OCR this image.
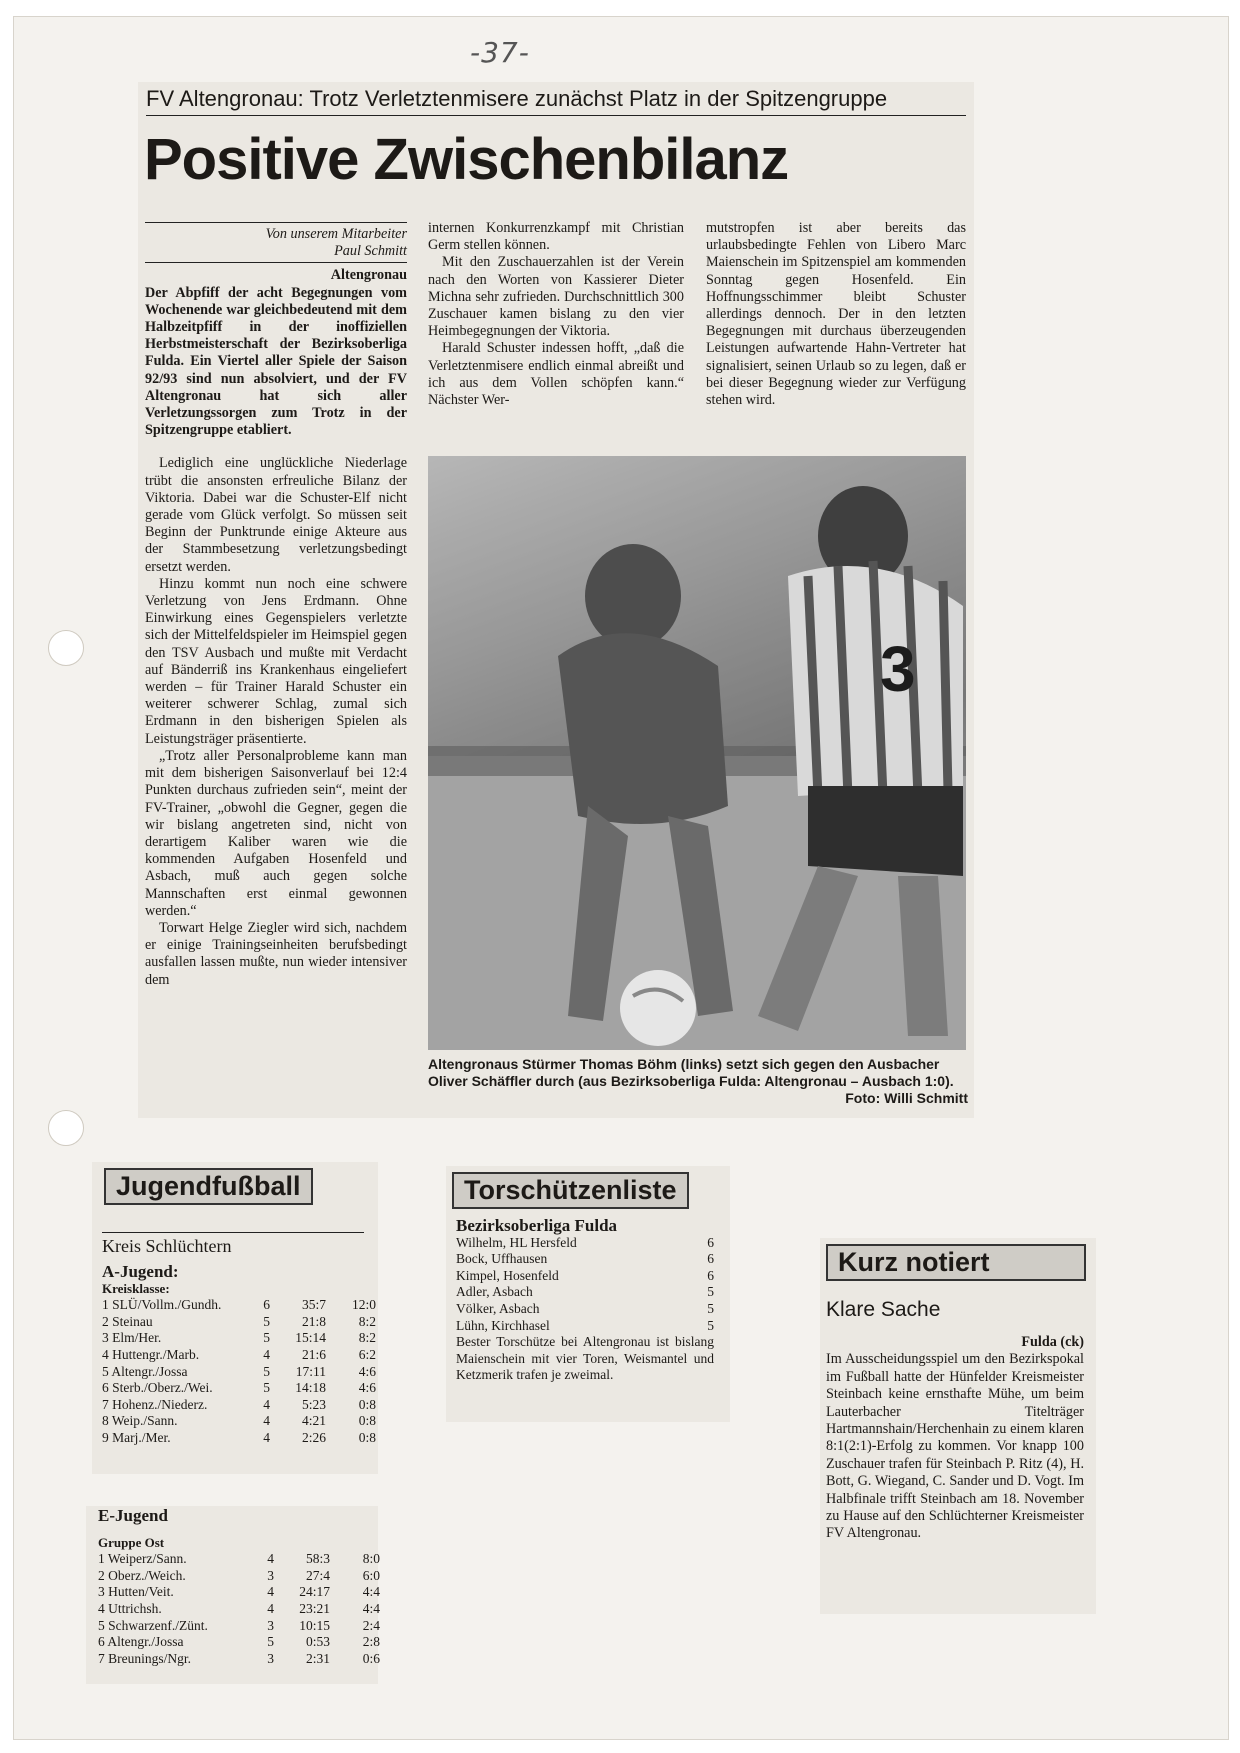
-37-
FV Altengronau: Trotz Verletztenmisere zunächst Platz in der Spitzengruppe
Positive Zwischenbilanz
Von unserem Mitarbeiter
Paul Schmitt
Altengronau

Der Abpfiff der acht Begegnungen vom Wochenende war gleichbedeutend mit dem Halbzeitpfiff in der inoffiziellen Herbstmeisterschaft der Bezirksoberliga Fulda. Ein Viertel aller Spiele der Saison 92/93 sind nun absolviert, und der FV Altengronau hat sich aller Verletzungssorgen zum Trotz in der Spitzengruppe etabliert.

Lediglich eine unglückliche Niederlage trübt die ansonsten erfreuliche Bilanz der Viktoria. Dabei war die Schuster-Elf nicht gerade vom Glück verfolgt. So müssen seit Beginn der Punktrunde einige Akteure aus der Stammbesetzung verletzungsbedingt ersetzt werden.

Hinzu kommt nun noch eine schwere Verletzung von Jens Erdmann. Ohne Einwirkung eines Gegenspielers verletzte sich der Mittelfeldspieler im Heimspiel gegen den TSV Ausbach und mußte mit Verdacht auf Bänderriß ins Krankenhaus eingeliefert werden – für Trainer Harald Schuster ein weiterer schwerer Schlag, zumal sich Erdmann in den bisherigen Spielen als Leistungsträger präsentierte.

„Trotz aller Personalprobleme kann man mit dem bisherigen Saisonverlauf bei 12:4 Punkten durchaus zufrieden sein“, meint der FV-Trainer, „obwohl die Gegner, gegen die wir bislang angetreten sind, nicht von derartigem Kaliber waren wie die kommenden Aufgaben Hosenfeld und Asbach, muß auch gegen solche Mannschaften erst einmal gewonnen werden.“

Torwart Helge Ziegler wird sich, nachdem er einige Trainingseinheiten berufsbedingt ausfallen lassen mußte, nun wieder intensiver dem

internen Konkurrenzkampf mit Christian Germ stellen können.

Mit den Zuschauerzahlen ist der Verein nach den Worten von Kassierer Dieter Michna sehr zufrieden. Durchschnittlich 300 Zuschauer kamen bislang zu den vier Heimbegegnungen der Viktoria.

Harald Schuster indessen hofft, „daß die Verletztenmisere endlich einmal abreißt und ich aus dem Vollen schöpfen kann.“ Nächster Wer-

mutstropfen ist aber bereits das urlaubsbedingte Fehlen von Libero Marc Maienschein im Spitzenspiel am kommenden Sonntag gegen Hosenfeld. Ein Hoffnungsschimmer bleibt Schuster allerdings dennoch. Der in den letzten Begegnungen mit durchaus überzeugenden Leistungen aufwartende Hahn-Vertreter hat signalisiert, seinen Urlaub so zu legen, daß er bei dieser Begegnung wieder zur Verfügung stehen wird.

3
Altengronaus Stürmer Thomas Böhm (links) setzt sich gegen den Ausbacher Oliver Schäffler durch (aus Bezirksoberliga Fulda: Altengronau – Ausbach 1:0).
Foto: Willi Schmitt
Jugendfußball
Kreis Schlüchtern
A-Jugend:
Kreisklasse:
1 SLÜ/Vollm./Gundh.	6	35:7	12:0
2 Steinau	5	21:8	8:2
3 Elm/Her.	5	15:14	8:2
4 Huttengr./Marb.	4	21:6	6:2
5 Altengr./Jossa	5	17:11	4:6
6 Sterb./Oberz./Wei.	5	14:18	4:6
7 Hohenz./Niederz.	4	5:23	0:8
8 Weip./Sann.	4	4:21	0:8
9 Marj./Mer.	4	2:26	0:8
E-Jugend
Gruppe Ost
1 Weiperz/Sann.	4	58:3	8:0
2 Oberz./Weich.	3	27:4	6:0
3 Hutten/Veit.	4	24:17	4:4
4 Uttrichsh.	4	23:21	4:4
5 Schwarzenf./Zünt.	3	10:15	2:4
6 Altengr./Jossa	5	0:53	2:8
7 Breunings/Ngr.	3	2:31	0:6
Torschützenliste
Bezirksoberliga Fulda
Wilhelm, HL Hersfeld	6
Bock, Uffhausen	6
Kimpel, Hosenfeld	6
Adler, Asbach	5
Völker, Asbach	5
Lühn, Kirchhasel	5
Bester Torschütze bei Altengronau ist bislang Maienschein mit vier Toren, Weismantel und Ketzmerik trafen je zweimal.
Kurz notiert
Klare Sache
Fulda (ck)

Im Ausscheidungsspiel um den Bezirkspokal im Fußball hatte der Hünfelder Kreismeister Steinbach keine ernsthafte Mühe, um beim Lauterbacher Titelträger Hartmannshain/Herchenhain zu einem klaren 8:1(2:1)-Erfolg zu kommen. Vor knapp 100 Zuschauer trafen für Steinbach P. Ritz (4), H. Bott, G. Wiegand, C. Sander und D. Vogt. Im Halbfinale trifft Steinbach am 18. November zu Hause auf den Schlüchterner Kreismeister FV Altengronau.
